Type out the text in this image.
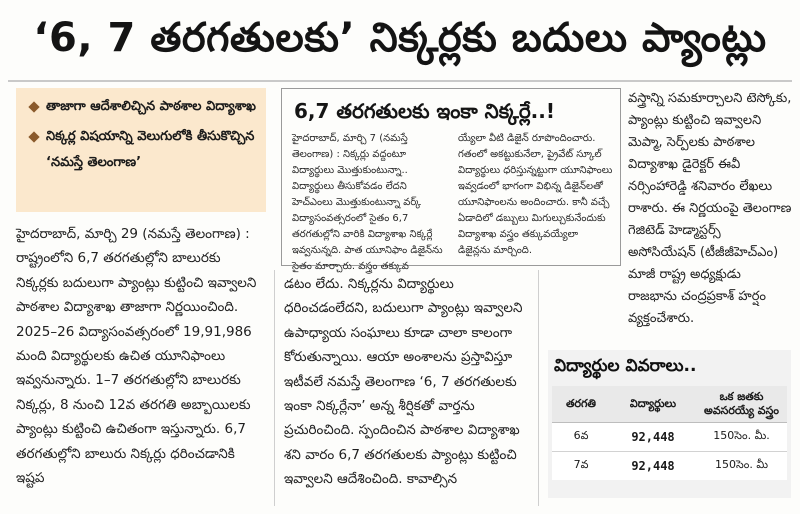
‘6, 7 తరగతులకు’ నిక్కర్లకు బదులు ప్యాంట్లు
తాజాగా ఆదేశాలిచ్చిన పాఠశాల విద్యాశాఖ
నిక్కర్ల విషయాన్ని వెలుగులోకి తీసుకొచ్చిన ‘నమస్తే తెలంగాణ’

హైదరాబాద్, మార్చి 29 (నమస్తే తెలంగాణ) : రాష్ట్రంలోని 6,7 తరగతుల్లోని బాలురకు నిక్కర్లకు బదులుగా ప్యాంట్లు కుట్టించి ఇవ్వాలని పాఠశాల విద్యాశాఖ తాజాగా నిర్ణయించింది. 2025–26 విద్యాసంవత్సరంలో 19,91,986 మంది విద్యార్థులకు ఉచిత యూనిఫాంలు ఇవ్వనున్నారు. 1–7 తరగతుల్లోని బాలురకు నిక్కర్లు, 8 నుంచి 12వ తరగతి అబ్బాయిలకు ప్యాంట్లు కుట్టించి ఉచితంగా ఇస్తున్నారు. 6,7 తరగతుల్లోని బాలురు నిక్కర్లు ధరించడానికి ఇష్టప

6,7 తరగతులకు ఇంకా నిక్కర్లే..!
హైదరాబాద్, మార్చి 7 (నమస్తే తెలంగాణ) : నిక్కర్లు వద్దంటూ విద్యార్థులు మొత్తుకుంటున్నా.. విద్యార్థులు తీసుకోవడం లేదని హెచ్‌ఎంలు మొత్తుకుంటున్నా వర్క్ విద్యాసంవత్సరంలో సైతం 6,7 తరగతుల్లోని వారికి విద్యాశాఖ నిక్కర్లే ఇవ్వనున్నది. పాత యూనిఫాం డిజైన్‌ను సైతం మార్చారు. వస్త్రం తక్కువ
య్యేలా వీటి డిజైన్ రూపొందించారు. గతంలో అకట్టుకునేలా, ప్రైవేట్ స్కూల్ విద్యార్థులు ధరిస్తున్నట్టుగా యూనిఫాంలు ఇవ్వడంలో భాగంగా విభిన్న డిజైన్‌లతో యూనిఫాంలను అందించారు. కానీ వచ్చే ఏడాదిలో డబ్బులు మిగుల్చుకునేందుకు విద్యాశాఖ వస్త్రం తక్కువయ్యేలా డిజైన్లను మార్చింది.

డటం లేదు. నిక్కర్లను విద్యార్థులు ధరించడంలేదని, బదులుగా ప్యాంట్లు ఇవ్వాలని ఉపాధ్యాయ సంఘాలు కూడా చాలా కాలంగా కోరుతున్నాయి. ఆయా అంశాలను ప్రస్తావిస్తూ ఇటీవలే నమస్తే తెలంగాణ ‘6, 7 తరగతులకు ఇంకా నిక్కర్లేనా’ అన్న శీర్షికతో వార్తను ప్రచురించింది. స్పందించిన పాఠశాల విద్యాశాఖ శని వారం 6,7 తరగతులకు ప్యాంట్లు కుట్టించి ఇవ్వాలని ఆదేశించింది. కావాల్సిన

వస్త్రాన్ని సమకూర్చాలని టెస్కోకు, ప్యాంట్లు కుట్టించి ఇవ్వాలని మెప్మా, సెర్ప్‌లకు పాఠశాల విద్యాశాఖ డైరెక్టర్ ఈవీ నర్సింహారెడ్డి శనివారం లేఖలు రాశారు. ఈ నిర్ణయంపై తెలంగాణ గెజిటెడ్ హెడ్మాస్టర్స్ అసోసియేషన్ (టీజీజీహెచ్ఎం) మాజీ రాష్ట్ర అధ్యక్షుడు రాజభాను చంద్రప్రకాశ్ హర్షం వ్యక్తంచేశారు.

విద్యార్థుల వివరాలు..
తరగతి	విద్యార్థులు	ఒక జతకు అవసరయ్యే వస్త్రం
6వ	92,448	150సెం. మీ.
7వ	92,448	150సెం. మీ
